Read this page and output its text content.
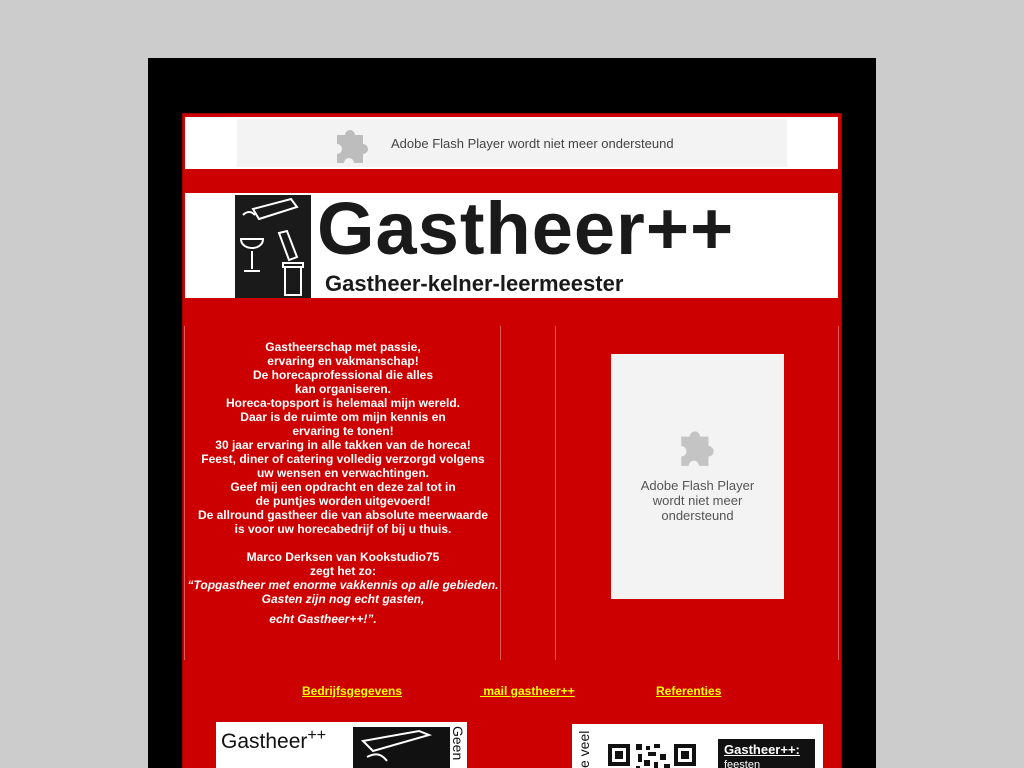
Adobe Flash Player wordt niet meer ondersteund
Gastheer++
Gastheer-kelner-leermeester
Gastheerschap met passie,
ervaring en vakmanschap!
De horecaprofessional die alles
kan organiseren.
Horeca-topsport is helemaal mijn wereld.
Daar is de ruimte om mijn kennis en
ervaring te tonen!
30 jaar ervaring in alle takken van de horeca!
Feest, diner of catering volledig verzorgd volgens
uw wensen en verwachtingen.
Geef mij een opdracht en deze zal tot in
de puntjes worden uitgevoerd!
De allround gastheer die van absolute meerwaarde
is voor uw horecabedrijf of bij u thuis.
Marco Derksen van Kookstudio75
zegt het zo:
“Topgastheer met enorme vakkennis op alle gebieden.
Gasten zijn nog echt gasten,
echt Gastheer++!”.
Adobe Flash Player
wordt niet meer
ondersteund
Bedrijfsgegevens	mail gastheer++	Referenties
Gastheer++	Geen	e veel	Gastheer++:
feesten
